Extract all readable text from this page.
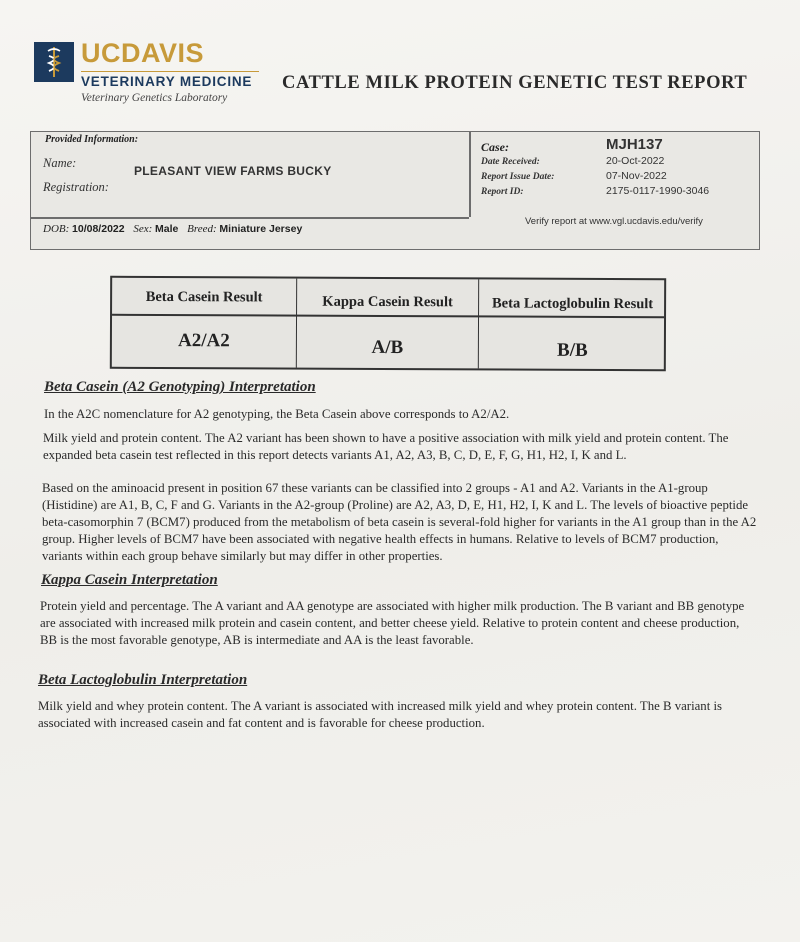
UCDAVIS
VETERINARY MEDICINE
Veterinary Genetics Laboratory
CATTLE MILK PROTEIN GENETIC TEST REPORT
Provided Information:
Name:
PLEASANT VIEW FARMS BUCKY
Registration:
DOB: 10/08/2022 Sex: Male Breed: Miniature Jersey
Case:	MJH137
Date Received:	20-Oct-2022
Report Issue Date:	07-Nov-2022
Report ID:	2175-0117-1990-3046
Verify report at www.vgl.ucdavis.edu/verify
Beta Casein Result	Kappa Casein Result	Beta Lactoglobulin Result
A2/A2	A/B	B/B
Beta Casein (A2 Genotyping) Interpretation
In the A2C nomenclature for A2 genotyping, the Beta Casein above corresponds to A2/A2.
Milk yield and protein content. The A2 variant has been shown to have a positive association with milk yield and protein content. The expanded beta casein test reflected in this report detects variants A1, A2, A3, B, C, D, E, F, G, H1, H2, I, K and L.
Based on the aminoacid present in position 67 these variants can be classified into 2 groups - A1 and A2. Variants in the A1-group (Histidine) are A1, B, C, F and G. Variants in the A2-group (Proline) are A2, A3, D, E, H1, H2, I, K and L. The levels of bioactive peptide beta-casomorphin 7 (BCM7) produced from the metabolism of beta casein is several-fold higher for variants in the A1 group than in the A2 group. Higher levels of BCM7 have been associated with negative health effects in humans. Relative to levels of BCM7 production, variants within each group behave similarly but may differ in other properties.
Kappa Casein Interpretation
Protein yield and percentage. The A variant and AA genotype are associated with higher milk production. The B variant and BB genotype are associated with increased milk protein and casein content, and better cheese yield. Relative to protein content and cheese production, BB is the most favorable genotype, AB is intermediate and AA is the least favorable.
Beta Lactoglobulin Interpretation
Milk yield and whey protein content. The A variant is associated with increased milk yield and whey protein content. The B variant is associated with increased casein and fat content and is favorable for cheese production.
